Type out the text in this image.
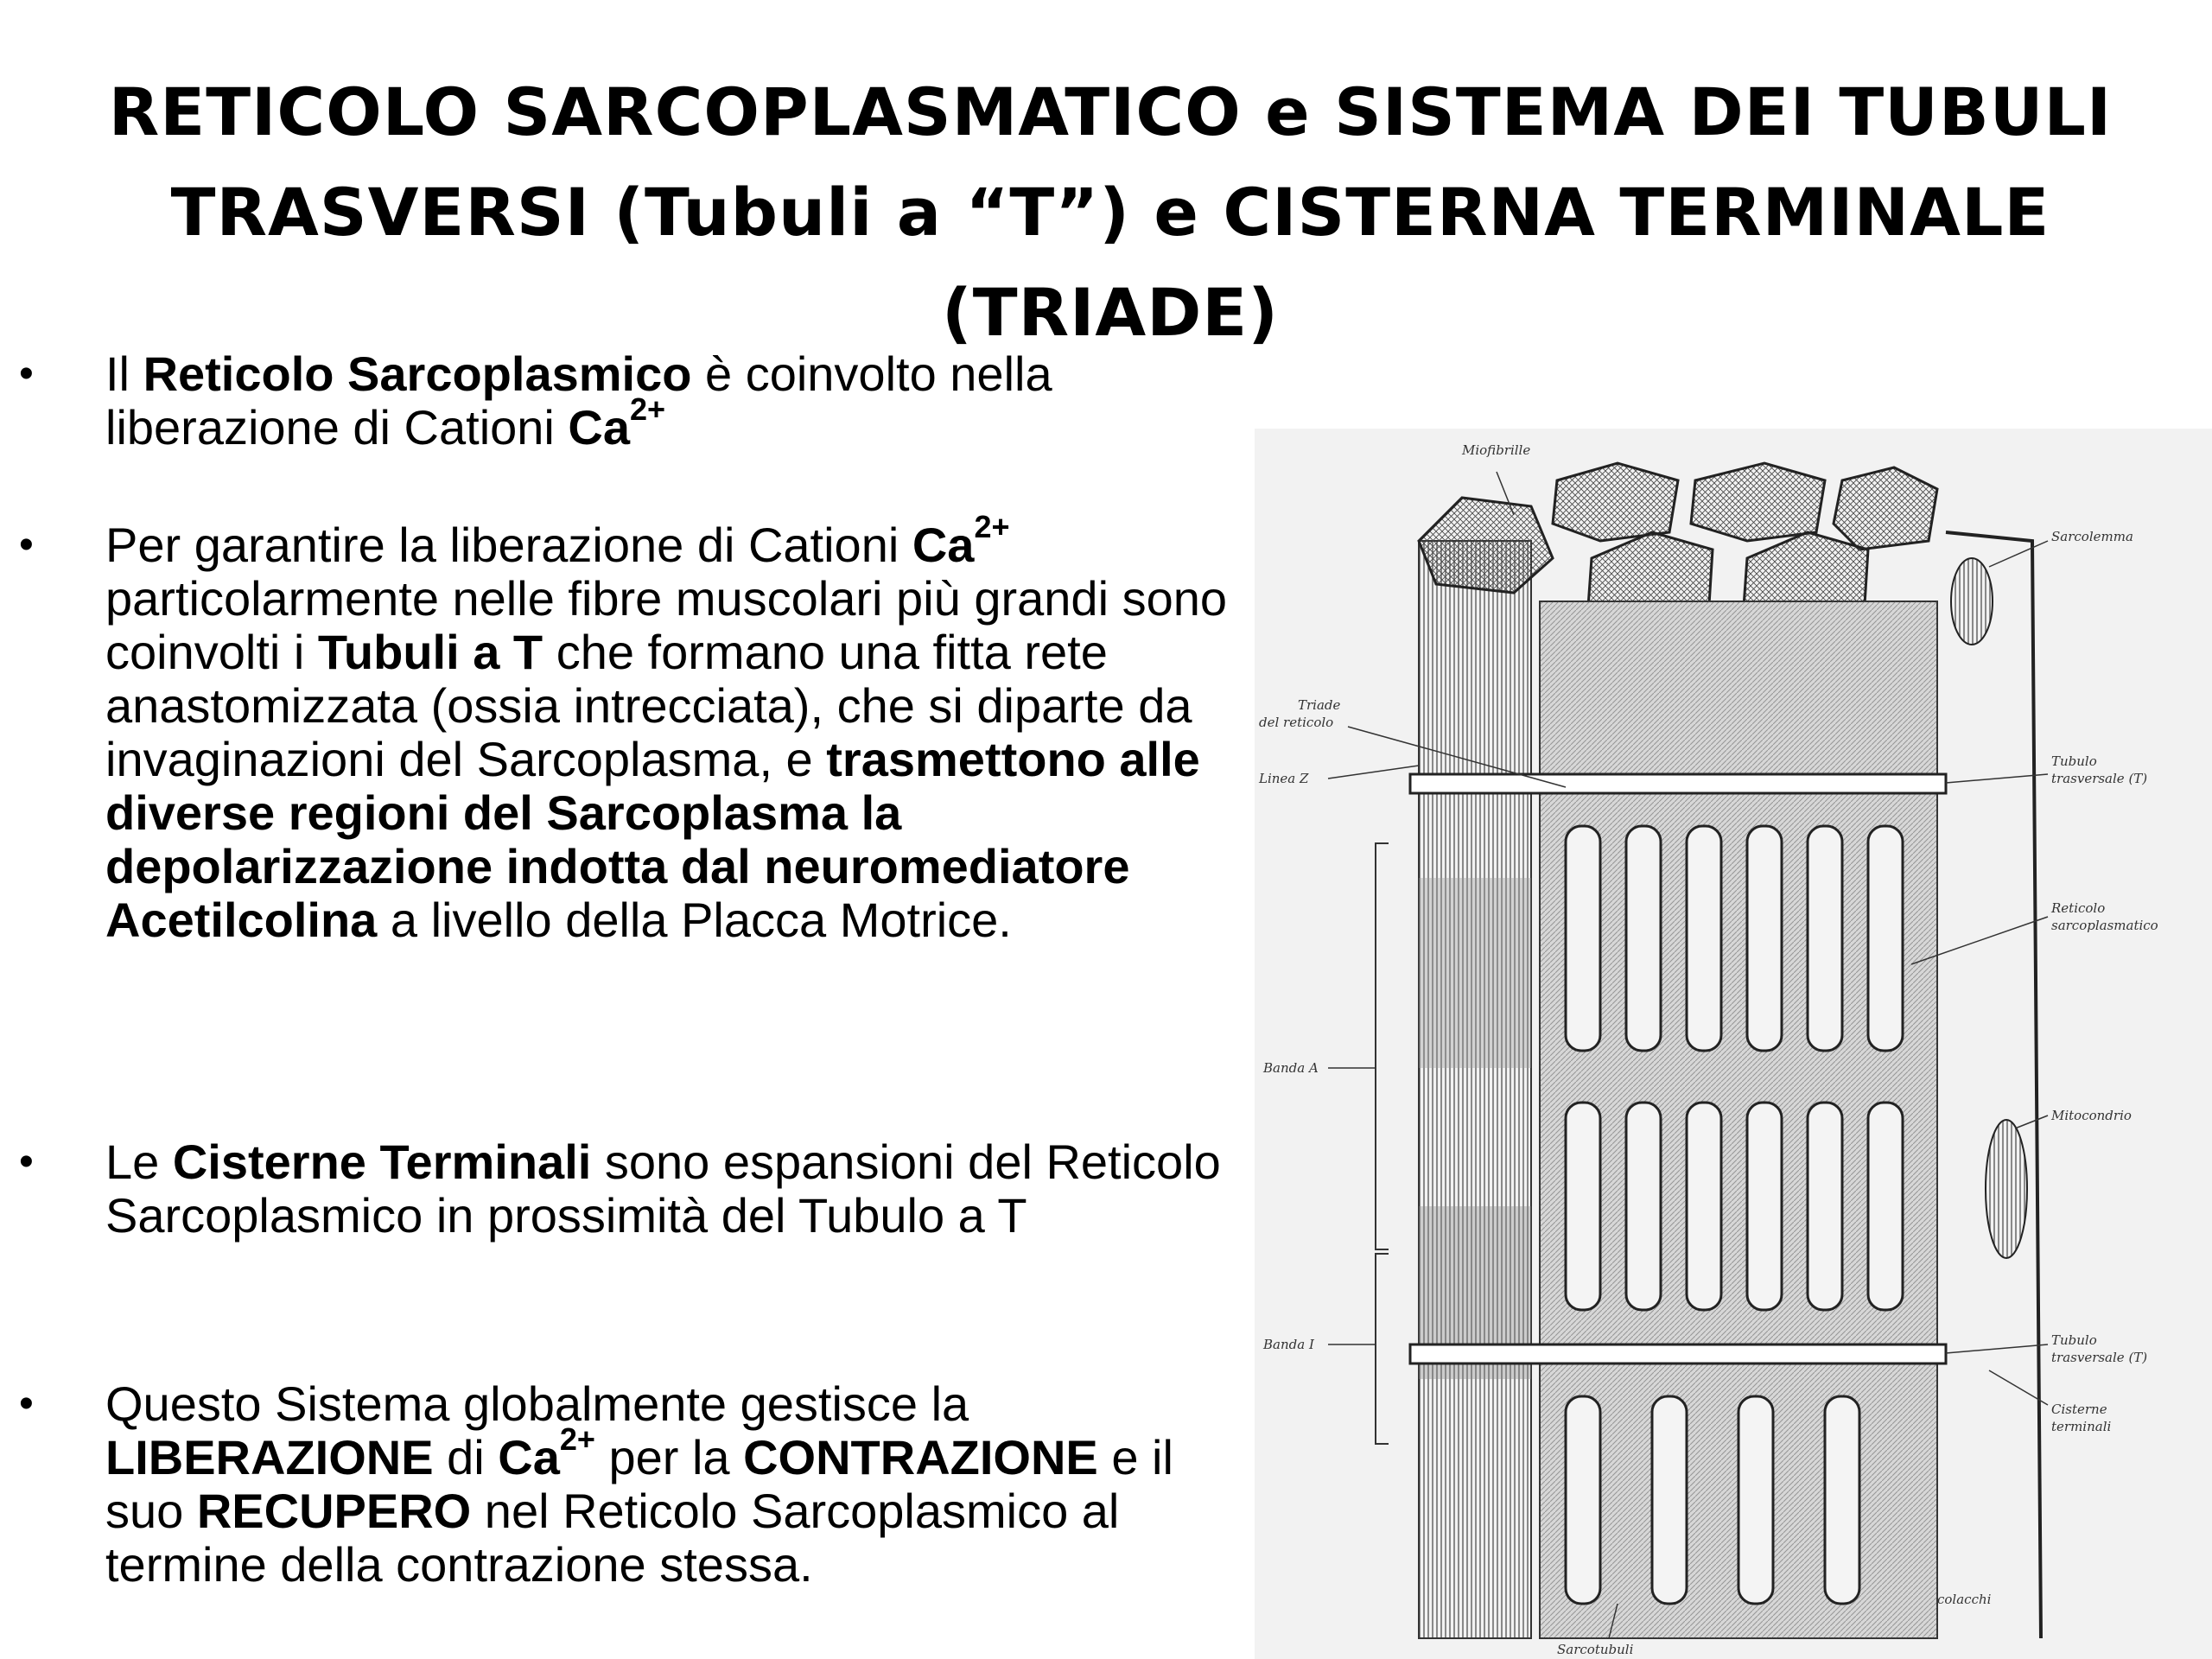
RETICOLO SARCOPLASMATICO e SISTEMA DEI TUBULI TRASVERSI (Tubuli a “T”) e CISTERNA TERMINALE (TRIADE)
• Il Reticolo Sarcoplasmico è coinvolto nella liberazione di Cationi $Ca^{2+}$
• Per garantire la liberazione di Cationi $Ca^{2+}$ particolarmente nelle fibre muscolari più grandi sono coinvolti i Tubuli a T che formano una fitta rete anastomizzata (ossia intrecciata), che si diparte da invaginazioni del Sarcoplasma, e trasmettono alle diverse regioni del Sarcoplasma la depolarizzazione indotta dal neuromediatore Acetilcolina a livello della Placca Motrice.
• Le Cisterne Terminali sono espansioni del Reticolo Sarcoplasmico in prossimità del Tubulo a T
• Questo Sistema globalmente gestisce la LIBERAZIONE di $Ca^{2+}$ per la CONTRAZIONE e il suo RECUPERO nel Reticolo Sarcoplasmico al termine della contrazione stessa.
Miofibrille
Sarcolemma
Triade
del reticolo
Linea Z
Tubulo
trasversale (T)
Reticolo
sarcoplasmatico
Banda A
Mitocondrio
Banda I	Tubulo
trasversale (T)
Cisterne
terminali
Sarcotubuli
colacchi
